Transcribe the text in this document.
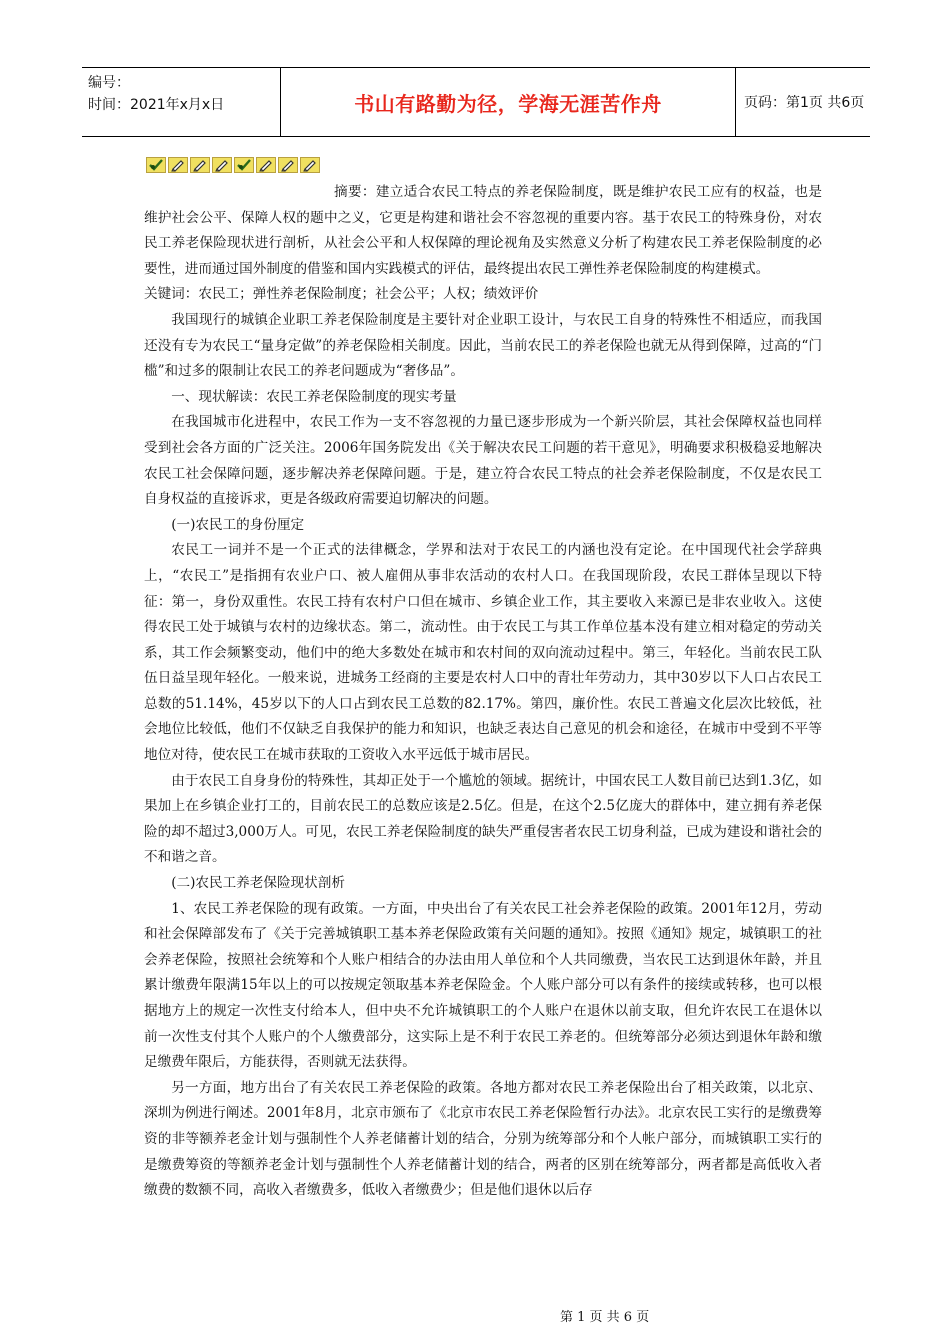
编号：
时间：2021年x月x日	书山有路勤为径，学海无涯苦作舟	页码：第1页 共6页

摘要：建立适合农民工特点的养老保险制度，既是维护农民工应有的权益，也是维护社会公平、保障人权的题中之义，它更是构建和谐社会不容忽视的重要内容。基于农民工的特殊身份，对农民工养老保险现状进行剖析，从社会公平和人权保障的理论视角及实然意义分析了构建农民工养老保险制度的必要性，进而通过国外制度的借鉴和国内实践模式的评估，最终提出农民工弹性养老保险制度的构建模式。

关键词：农民工；弹性养老保险制度；社会公平；人权；绩效评价

我国现行的城镇企业职工养老保险制度是主要针对企业职工设计，与农民工自身的特殊性不相适应，而我国还没有专为农民工“量身定做”的养老保险相关制度。因此，当前农民工的养老保险也就无从得到保障，过高的“门槛”和过多的限制让农民工的养老问题成为“奢侈品”。

一、现状解读：农民工养老保险制度的现实考量

在我国城市化进程中，农民工作为一支不容忽视的力量已逐步形成为一个新兴阶层，其社会保障权益也同样受到社会各方面的广泛关注。2006年国务院发出《关于解决农民工问题的若干意见》，明确要求积极稳妥地解决农民工社会保障问题，逐步解决养老保障问题。于是，建立符合农民工特点的社会养老保险制度，不仅是农民工自身权益的直接诉求，更是各级政府需要迫切解决的问题。

(一)农民工的身份厘定

农民工一词并不是一个正式的法律概念，学界和法对于农民工的内涵也没有定论。在中国现代社会学辞典上，“农民工”是指拥有农业户口、被人雇佣从事非农活动的农村人口。在我国现阶段，农民工群体呈现以下特征：第一，身份双重性。农民工持有农村户口但在城市、乡镇企业工作，其主要收入来源已是非农业收入。这使得农民工处于城镇与农村的边缘状态。第二，流动性。由于农民工与其工作单位基本没有建立相对稳定的劳动关系，其工作会频繁变动，他们中的绝大多数处在城市和农村间的双向流动过程中。第三，年轻化。当前农民工队伍日益呈现年轻化。一般来说，进城务工经商的主要是农村人口中的青壮年劳动力，其中30岁以下人口占农民工总数的51.14%，45岁以下的人口占到农民工总数的82.17%。第四，廉价性。农民工普遍文化层次比较低，社会地位比较低，他们不仅缺乏自我保护的能力和知识，也缺乏表达自己意见的机会和途径，在城市中受到不平等地位对待，使农民工在城市获取的工资收入水平远低于城市居民。

由于农民工自身身份的特殊性，其却正处于一个尴尬的领域。据统计，中国农民工人数目前已达到1.3亿，如果加上在乡镇企业打工的，目前农民工的总数应该是2.5亿。但是，在这个2.5亿庞大的群体中，建立拥有养老保险的却不超过3,000万人。可见，农民工养老保险制度的缺失严重侵害者农民工切身利益，已成为建设和谐社会的不和谐之音。

(二)农民工养老保险现状剖析

1、农民工养老保险的现有政策。一方面，中央出台了有关农民工社会养老保险的政策。2001年12月，劳动和社会保障部发布了《关于完善城镇职工基本养老保险政策有关问题的通知》。按照《通知》规定，城镇职工的社会养老保险，按照社会统筹和个人账户相结合的办法由用人单位和个人共同缴费，当农民工达到退休年龄，并且累计缴费年限满15年以上的可以按规定领取基本养老保险金。个人账户部分可以有条件的接续或转移，也可以根据地方上的规定一次性支付给本人，但中央不允许城镇职工的个人账户在退休以前支取，但允许农民工在退休以前一次性支付其个人账户的个人缴费部分，这实际上是不利于农民工养老的。但统筹部分必须达到退休年龄和缴足缴费年限后，方能获得，否则就无法获得。

另一方面，地方出台了有关农民工养老保险的政策。各地方都对农民工养老保险出台了相关政策，以北京、深圳为例进行阐述。2001年8月，北京市颁布了《北京市农民工养老保险暂行办法》。北京农民工实行的是缴费筹资的非等额养老金计划与强制性个人养老储蓄计划的结合，分别为统筹部分和个人帐户部分，而城镇职工实行的是缴费筹资的等额养老金计划与强制性个人养老储蓄计划的结合，两者的区别在统筹部分，两者都是高低收入者缴费的数额不同，高收入者缴费多，低收入者缴费少；但是他们退休以后存

第 1 页 共 6 页
